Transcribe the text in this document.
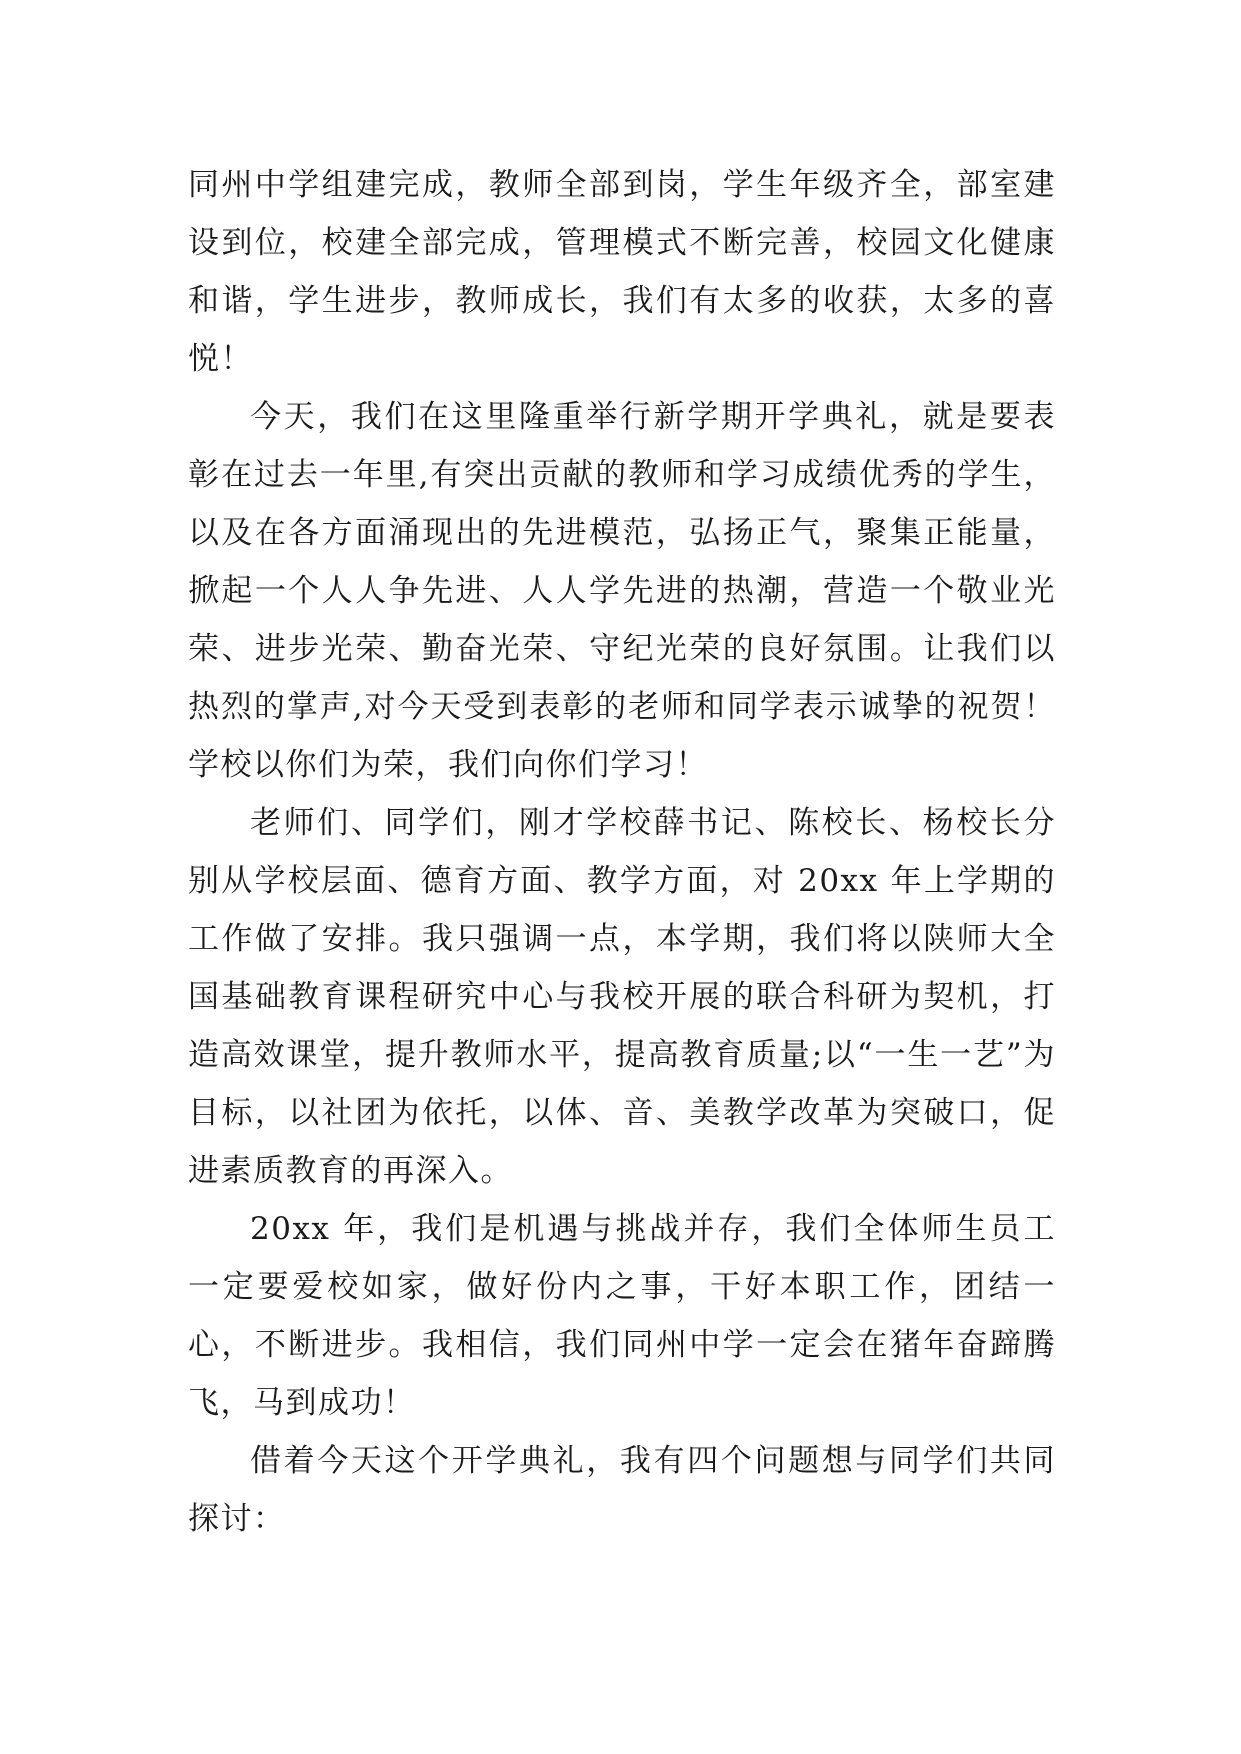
同州中学组建完成，教师全部到岗，学生年级齐全，部室建设到位，校建全部完成，管理模式不断完善，校园文化健康和谐，学生进步，教师成长，我们有太多的收获，太多的喜悦！

今天，我们在这里隆重举行新学期开学典礼，就是要表彰在过去一年里,有突出贡献的教师和学习成绩优秀的学生，以及在各方面涌现出的先进模范，弘扬正气，聚集正能量，掀起一个人人争先进、人人学先进的热潮，营造一个敬业光荣、进步光荣、勤奋光荣、守纪光荣的良好氛围。让我们以热烈的掌声,对今天受到表彰的老师和同学表示诚挚的祝贺！学校以你们为荣，我们向你们学习！

老师们、同学们，刚才学校薛书记、陈校长、杨校长分别从学校层面、德育方面、教学方面，对 20xx 年上学期的工作做了安排。我只强调一点，本学期，我们将以陕师大全国基础教育课程研究中心与我校开展的联合科研为契机，打造高效课堂，提升教师水平，提高教育质量;以“一生一艺”为目标，以社团为依托，以体、音、美教学改革为突破口，促进素质教育的再深入。

20xx 年，我们是机遇与挑战并存，我们全体师生员工一定要爱校如家，做好份内之事，干好本职工作，团结一心，不断进步。我相信，我们同州中学一定会在猪年奋蹄腾飞，马到成功！

借着今天这个开学典礼，我有四个问题想与同学们共同探讨：
